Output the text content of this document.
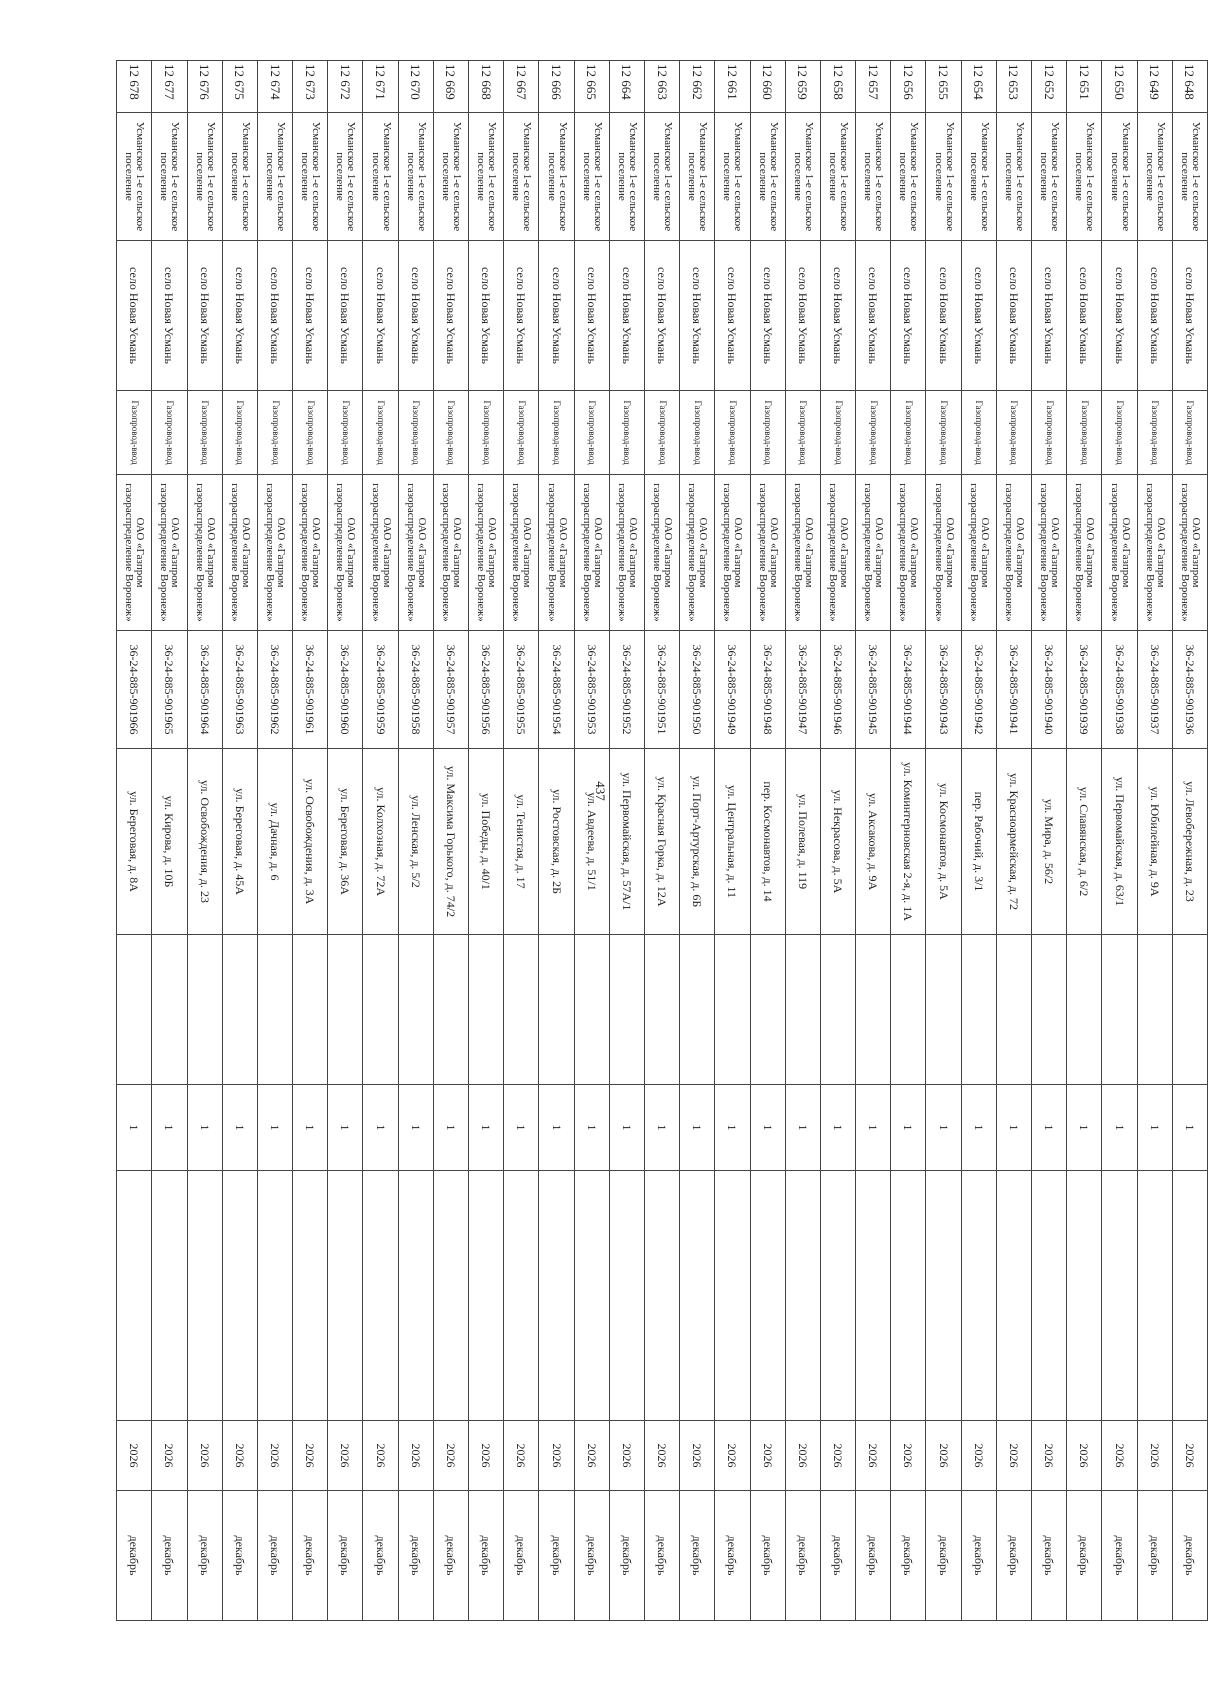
437
12 648	Усманское 1-е сельское поселение	село Новая Усмань	Газопровод-ввод	ОАО «Газпром газораспределение Воронеж»	36-24-885-901936	ул. Левобережная, д. 23		1		2026	декабрь
12 649	Усманское 1-е сельское поселение	село Новая Усмань	Газопровод-ввод	ОАО «Газпром газораспределение Воронеж»	36-24-885-901937	ул. Юбилейная, д. 9А		1		2026	декабрь
12 650	Усманское 1-е сельское поселение	село Новая Усмань	Газопровод-ввод	ОАО «Газпром газораспределение Воронеж»	36-24-885-901938	ул. Первомайская, д. 63/1		1		2026	декабрь
12 651	Усманское 1-е сельское поселение	село Новая Усмань	Газопровод-ввод	ОАО «Газпром газораспределение Воронеж»	36-24-885-901939	ул. Славянская, д. 6/2		1		2026	декабрь
12 652	Усманское 1-е сельское поселение	село Новая Усмань	Газопровод-ввод	ОАО «Газпром газораспределение Воронеж»	36-24-885-901940	ул. Мира, д. 56/2		1		2026	декабрь
12 653	Усманское 1-е сельское поселение	село Новая Усмань	Газопровод-ввод	ОАО «Газпром газораспределение Воронеж»	36-24-885-901941	ул. Красноармейская, д. 72		1		2026	декабрь
12 654	Усманское 1-е сельское поселение	село Новая Усмань	Газопровод-ввод	ОАО «Газпром газораспределение Воронеж»	36-24-885-901942	пер. Рабочий, д. 3/1		1		2026	декабрь
12 655	Усманское 1-е сельское поселение	село Новая Усмань	Газопровод-ввод	ОАО «Газпром газораспределение Воронеж»	36-24-885-901943	ул. Космонавтов, д. 5А		1		2026	декабрь
12 656	Усманское 1-е сельское поселение	село Новая Усмань	Газопровод-ввод	ОАО «Газпром газораспределение Воронеж»	36-24-885-901944	ул. Коминтерновская 2-я, д. 1А		1		2026	декабрь
12 657	Усманское 1-е сельское поселение	село Новая Усмань	Газопровод-ввод	ОАО «Газпром газораспределение Воронеж»	36-24-885-901945	ул. Аксакова, д. 9А		1		2026	декабрь
12 658	Усманское 1-е сельское поселение	село Новая Усмань	Газопровод-ввод	ОАО «Газпром газораспределение Воронеж»	36-24-885-901946	ул. Некрасова, д. 5А		1		2026	декабрь
12 659	Усманское 1-е сельское поселение	село Новая Усмань	Газопровод-ввод	ОАО «Газпром газораспределение Воронеж»	36-24-885-901947	ул. Полевая, д. 119		1		2026	декабрь
12 660	Усманское 1-е сельское поселение	село Новая Усмань	Газопровод-ввод	ОАО «Газпром газораспределение Воронеж»	36-24-885-901948	пер. Космонавтов, д. 14		1		2026	декабрь
12 661	Усманское 1-е сельское поселение	село Новая Усмань	Газопровод-ввод	ОАО «Газпром газораспределение Воронеж»	36-24-885-901949	ул. Центральная, д. 11		1		2026	декабрь
12 662	Усманское 1-е сельское поселение	село Новая Усмань	Газопровод-ввод	ОАО «Газпром газораспределение Воронеж»	36-24-885-901950	ул. Порт-Артурская, д. 6Б		1		2026	декабрь
12 663	Усманское 1-е сельское поселение	село Новая Усмань	Газопровод-ввод	ОАО «Газпром газораспределение Воронеж»	36-24-885-901951	ул. Красная Горка, д. 12А		1		2026	декабрь
12 664	Усманское 1-е сельское поселение	село Новая Усмань	Газопровод-ввод	ОАО «Газпром газораспределение Воронеж»	36-24-885-901952	ул. Первомайская, д. 57А/1		1		2026	декабрь
12 665	Усманское 1-е сельское поселение	село Новая Усмань	Газопровод-ввод	ОАО «Газпром газораспределение Воронеж»	36-24-885-901953	ул. Авдеева, д. 51/1		1		2026	декабрь
12 666	Усманское 1-е сельское поселение	село Новая Усмань	Газопровод-ввод	ОАО «Газпром газораспределение Воронеж»	36-24-885-901954	ул. Ростовская, д. 2Б		1		2026	декабрь
12 667	Усманское 1-е сельское поселение	село Новая Усмань	Газопровод-ввод	ОАО «Газпром газораспределение Воронеж»	36-24-885-901955	ул. Тенистая, д. 17		1		2026	декабрь
12 668	Усманское 1-е сельское поселение	село Новая Усмань	Газопровод-ввод	ОАО «Газпром газораспределение Воронеж»	36-24-885-901956	ул. Победы, д. 40/1		1		2026	декабрь
12 669	Усманское 1-е сельское поселение	село Новая Усмань	Газопровод-ввод	ОАО «Газпром газораспределение Воронеж»	36-24-885-901957	ул. Максима Горького, д. 74/2		1		2026	декабрь
12 670	Усманское 1-е сельское поселение	село Новая Усмань	Газопровод-ввод	ОАО «Газпром газораспределение Воронеж»	36-24-885-901958	ул. Ленская, д. 5/2		1		2026	декабрь
12 671	Усманское 1-е сельское поселение	село Новая Усмань	Газопровод-ввод	ОАО «Газпром газораспределение Воронеж»	36-24-885-901959	ул. Колхозная, д. 72А		1		2026	декабрь
12 672	Усманское 1-е сельское поселение	село Новая Усмань	Газопровод-ввод	ОАО «Газпром газораспределение Воронеж»	36-24-885-901960	ул. Береговая, д. 36А		1		2026	декабрь
12 673	Усманское 1-е сельское поселение	село Новая Усмань	Газопровод-ввод	ОАО «Газпром газораспределение Воронеж»	36-24-885-901961	ул. Освобождения, д. 3А		1		2026	декабрь
12 674	Усманское 1-е сельское поселение	село Новая Усмань	Газопровод-ввод	ОАО «Газпром газораспределение Воронеж»	36-24-885-901962	ул. Дачная, д. 6		1		2026	декабрь
12 675	Усманское 1-е сельское поселение	село Новая Усмань	Газопровод-ввод	ОАО «Газпром газораспределение Воронеж»	36-24-885-901963	ул. Береговая, д. 45А		1		2026	декабрь
12 676	Усманское 1-е сельское поселение	село Новая Усмань	Газопровод-ввод	ОАО «Газпром газораспределение Воронеж»	36-24-885-901964	ул. Освобождения, д. 23		1		2026	декабрь
12 677	Усманское 1-е сельское поселение	село Новая Усмань	Газопровод-ввод	ОАО «Газпром газораспределение Воронеж»	36-24-885-901965	ул. Кирова, д. 10Б		1		2026	декабрь
12 678	Усманское 1-е сельское поселение	село Новая Усмань	Газопровод-ввод	ОАО «Газпром газораспределение Воронеж»	36-24-885-901966	ул. Береговая, д. 8А		1		2026	декабрь
